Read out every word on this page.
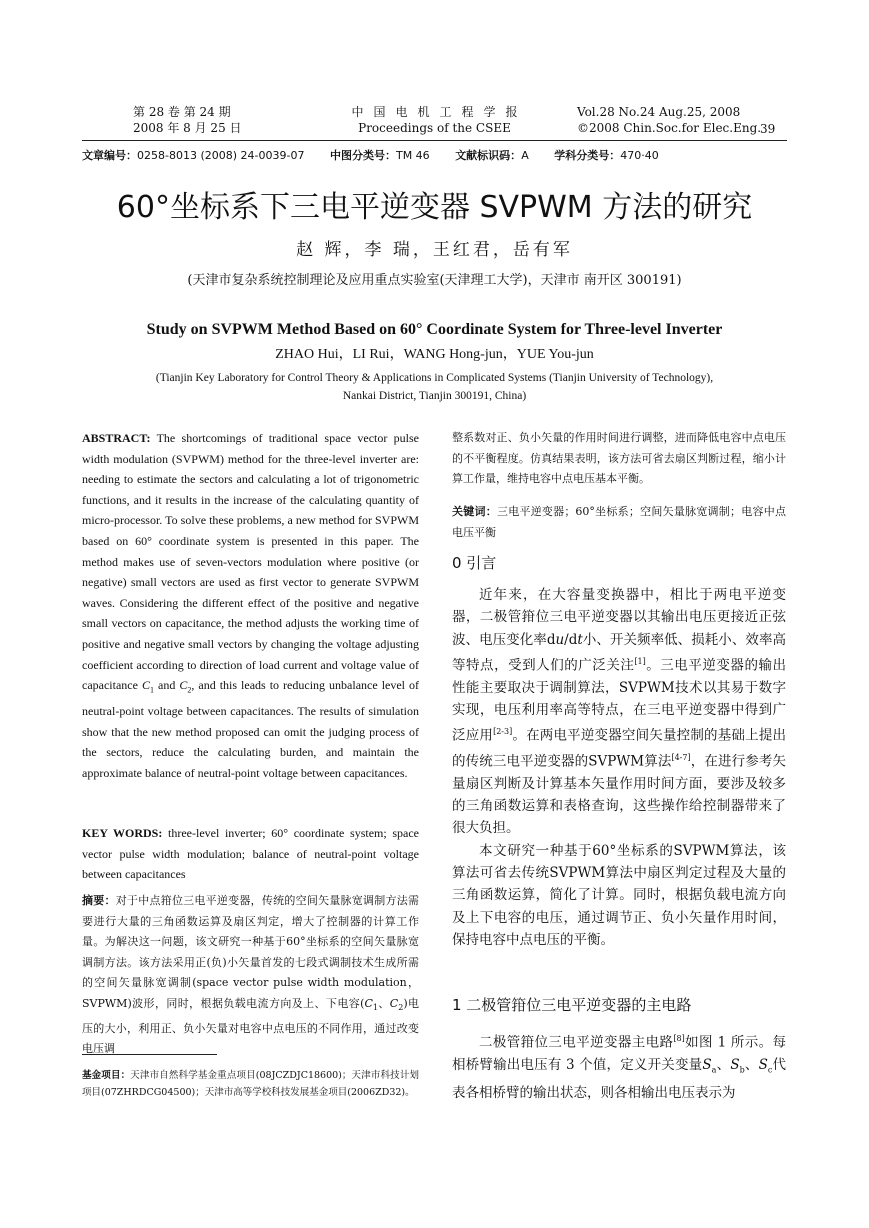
第 28 卷 第 24 期
2008 年 8 月 25 日
中国电机工程学报
Proceedings of the CSEE
Vol.28 No.24 Aug.25, 2008
©2008 Chin.Soc.for Elec.Eng.
39
文章编号：0258-8013 (2008) 24-0039-07 中图分类号：TM 46 文献标识码：A 学科分类号：470·40
60°坐标系下三电平逆变器 SVPWM 方法的研究
赵 辉，李 瑞，王红君，岳有军
(天津市复杂系统控制理论及应用重点实验室(天津理工大学)，天津市 南开区 300191)
Study on SVPWM Method Based on 60° Coordinate System for Three-level Inverter
ZHAO Hui，LI Rui，WANG Hong-jun，YUE You-jun
(Tianjin Key Laboratory for Control Theory & Applications in Complicated Systems (Tianjin University of Technology),
Nankai District, Tianjin 300191, China)

ABSTRACT: The shortcomings of traditional space vector pulse width modulation (SVPWM) method for the three-level inverter are: needing to estimate the sectors and calculating a lot of trigonometric functions, and it results in the increase of the calculating quantity of micro-processor. To solve these problems, a new method for SVPWM based on 60° coordinate system is presented in this paper. The method makes use of seven-vectors modulation where positive (or negative) small vectors are used as first vector to generate SVPWM waves. Considering the different effect of the positive and negative small vectors on capacitance, the method adjusts the working time of positive and negative small vectors by changing the voltage adjusting coefficient according to direction of load current and voltage value of capacitance $C_1$ and $C_2$, and this leads to reducing unbalance level of neutral-point voltage between capacitances. The results of simulation show that the new method proposed can omit the judging process of the sectors, reduce the calculating burden, and maintain the approximate balance of neutral-point voltage between capacitances.

KEY WORDS: three-level inverter; 60° coordinate system; space vector pulse width modulation; balance of neutral-point voltage between capacitances

摘要：对于中点箝位三电平逆变器，传统的空间矢量脉宽调制方法需要进行大量的三角函数运算及扇区判定，增大了控制器的计算工作量。为解决这一问题，该文研究一种基于60°坐标系的空间矢量脉宽调制方法。该方法采用正(负)小矢量首发的七段式调制技术生成所需的空间矢量脉宽调制(space vector pulse width modulation，SVPWM)波形，同时，根据负载电流方向及上、下电容($C_1$、$C_2$)电压的大小，利用正、负小矢量对电容中点电压的不同作用，通过改变电压调

基金项目：天津市自然科学基金重点项目(08JCZDJC18600)；天津市科技计划项目(07ZHRDCG04500)；天津市高等学校科技发展基金项目(2006ZD32)。

整系数对正、负小矢量的作用时间进行调整，进而降低电容中点电压的不平衡程度。仿真结果表明，该方法可省去扇区判断过程，缩小计算工作量，维持电容中点电压基本平衡。

关键词：三电平逆变器；60°坐标系；空间矢量脉宽调制；电容中点电压平衡

0 引言

近年来，在大容量变换器中，相比于两电平逆变器，二极管箝位三电平逆变器以其输出电压更接近正弦波、电压变化率du/dt小、开关频率低、损耗小、效率高等特点，受到人们的广泛关注[1]。三电平逆变器的输出性能主要取决于调制算法，SVPWM技术以其易于数字实现，电压利用率高等特点，在三电平逆变器中得到广泛应用[2-3]。在两电平逆变器空间矢量控制的基础上提出的传统三电平逆变器的SVPWM算法[4-7]，在进行参考矢量扇区判断及计算基本矢量作用时间方面，要涉及较多的三角函数运算和表格查询，这些操作给控制器带来了很大负担。

本文研究一种基于60°坐标系的SVPWM算法，该算法可省去传统SVPWM算法中扇区判定过程及大量的三角函数运算，简化了计算。同时，根据负载电流方向及上下电容的电压，通过调节正、负小矢量作用时间，保持电容中点电压的平衡。

1 二极管箝位三电平逆变器的主电路

二极管箝位三电平逆变器主电路[8]如图 1 所示。每相桥臂输出电压有 3 个值，定义开关变量$S_a$、$S_b$、$S_c$代表各相桥臂的输出状态，则各相输出电压表示为
